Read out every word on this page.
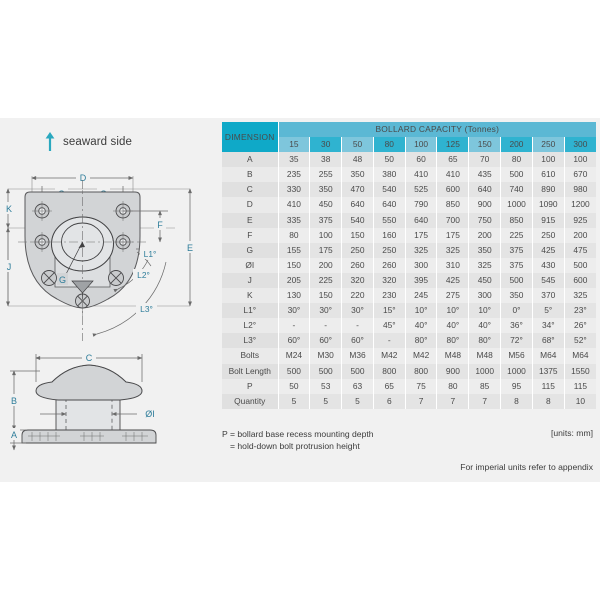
seaward side
D
K
J
G
F
E
L1°
L2°
L3°
C
B
A
ØI
DIMENSION	BOLLARD CAPACITY (Tonnes)									
	15	30	50	80	100	125	150	200	250	300
A	35	38	48	50	60	65	70	80	100	100
B	235	255	350	380	410	410	435	500	610	670
C	330	350	470	540	525	600	640	740	890	980
D	410	450	640	640	790	850	900	1000	1090	1200
E	335	375	540	550	640	700	750	850	915	925
F	80	100	150	160	175	175	200	225	250	200
G	155	175	250	250	325	325	350	375	425	475
ØI	150	200	260	260	300	310	325	375	430	500
J	205	225	320	320	395	425	450	500	545	600
K	130	150	220	230	245	275	300	350	370	325
L1°	30°	30°	30°	15°	10°	10°	10°	0°	5°	23°
L2°	-	-	-	45°	40°	40°	40°	36°	34°	26°
L3°	60°	60°	60°	-	80°	80°	80°	72°	68°	52°
Bolts	M24	M30	M36	M42	M42	M48	M48	M56	M64	M64
Bolt Length	500	500	500	800	800	900	1000	1000	1375	1550
P	50	53	63	65	75	80	85	95	115	115
Quantity	5	5	5	6	7	7	7	8	8	10
P = bollard base recess mounting depth
= hold-down bolt protrusion height
[units: mm]
For imperial units refer to appendix
